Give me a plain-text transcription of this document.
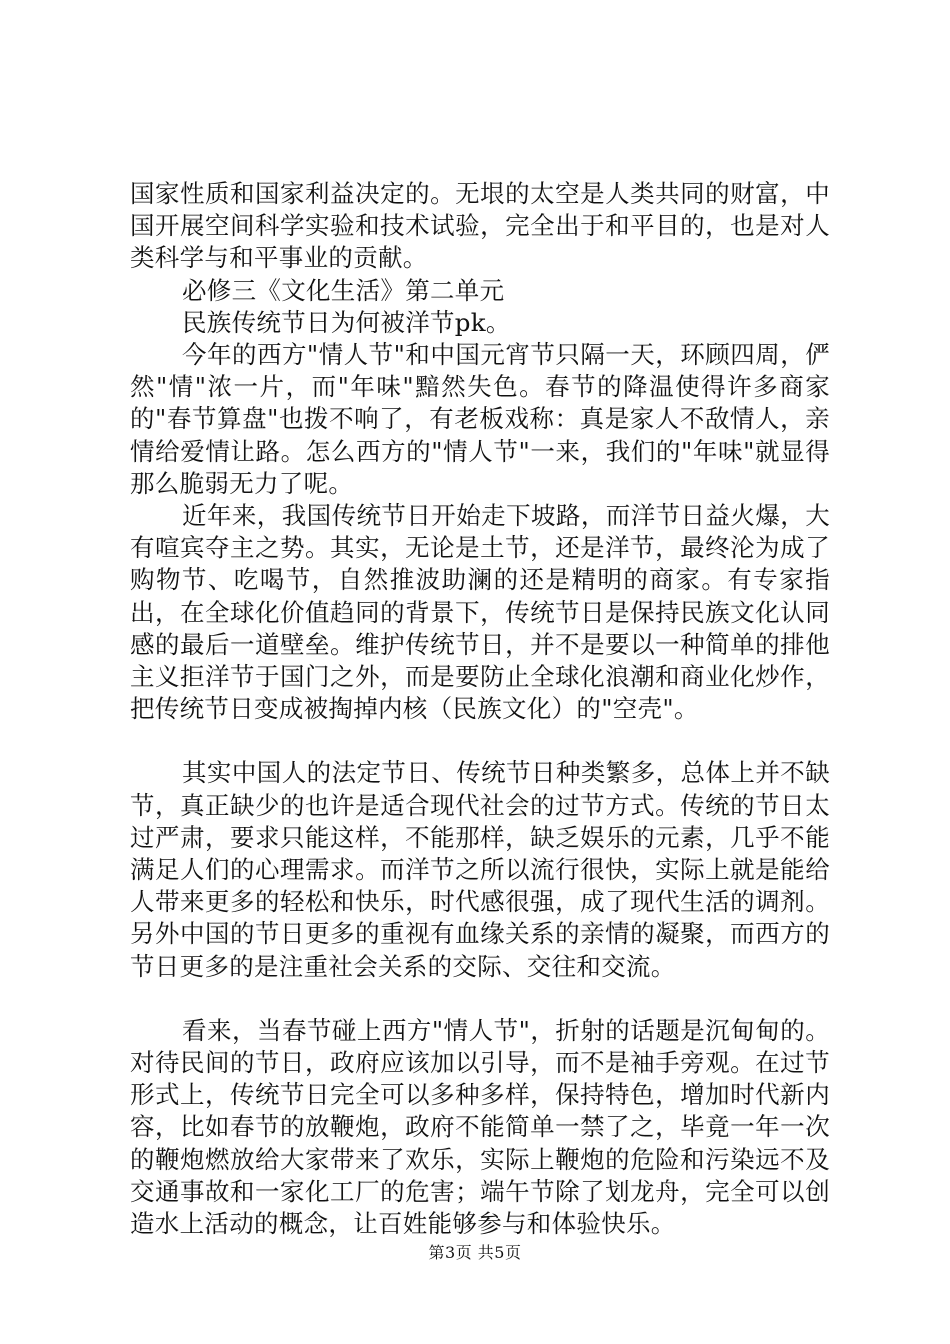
国家性质和国家利益决定的。无垠的太空是人类共同的财富，中国开展空间科学实验和技术试验，完全出于和平目的，也是对人类科学与和平事业的贡献。

必修三《文化生活》第二单元

民族传统节日为何被洋节pk。

今年的西方"情人节"和中国元宵节只隔一天，环顾四周，俨然"情"浓一片，而"年味"黯然失色。春节的降温使得许多商家的"春节算盘"也拨不响了，有老板戏称：真是家人不敌情人，亲情给爱情让路。怎么西方的"情人节"一来，我们的"年味"就显得那么脆弱无力了呢。

近年来，我国传统节日开始走下坡路，而洋节日益火爆，大有喧宾夺主之势。其实，无论是土节，还是洋节，最终沦为成了购物节、吃喝节，自然推波助澜的还是精明的商家。有专家指出，在全球化价值趋同的背景下，传统节日是保持民族文化认同感的最后一道壁垒。维护传统节日，并不是要以一种简单的排他主义拒洋节于国门之外，而是要防止全球化浪潮和商业化炒作，把传统节日变成被掏掉内核（民族文化）的"空壳"。

其实中国人的法定节日、传统节日种类繁多，总体上并不缺节，真正缺少的也许是适合现代社会的过节方式。传统的节日太过严肃，要求只能这样，不能那样，缺乏娱乐的元素，几乎不能满足人们的心理需求。而洋节之所以流行很快，实际上就是能给人带来更多的轻松和快乐，时代感很强，成了现代生活的调剂。另外中国的节日更多的重视有血缘关系的亲情的凝聚，而西方的节日更多的是注重社会关系的交际、交往和交流。

看来，当春节碰上西方"情人节"，折射的话题是沉甸甸的。对待民间的节日，政府应该加以引导，而不是袖手旁观。在过节形式上，传统节日完全可以多种多样，保持特色，增加时代新内容，比如春节的放鞭炮，政府不能简单一禁了之，毕竟一年一次的鞭炮燃放给大家带来了欢乐，实际上鞭炮的危险和污染远不及交通事故和一家化工厂的危害；端午节除了划龙舟，完全可以创造水上活动的概念，让百姓能够参与和体验快乐。

第3页 共5页
